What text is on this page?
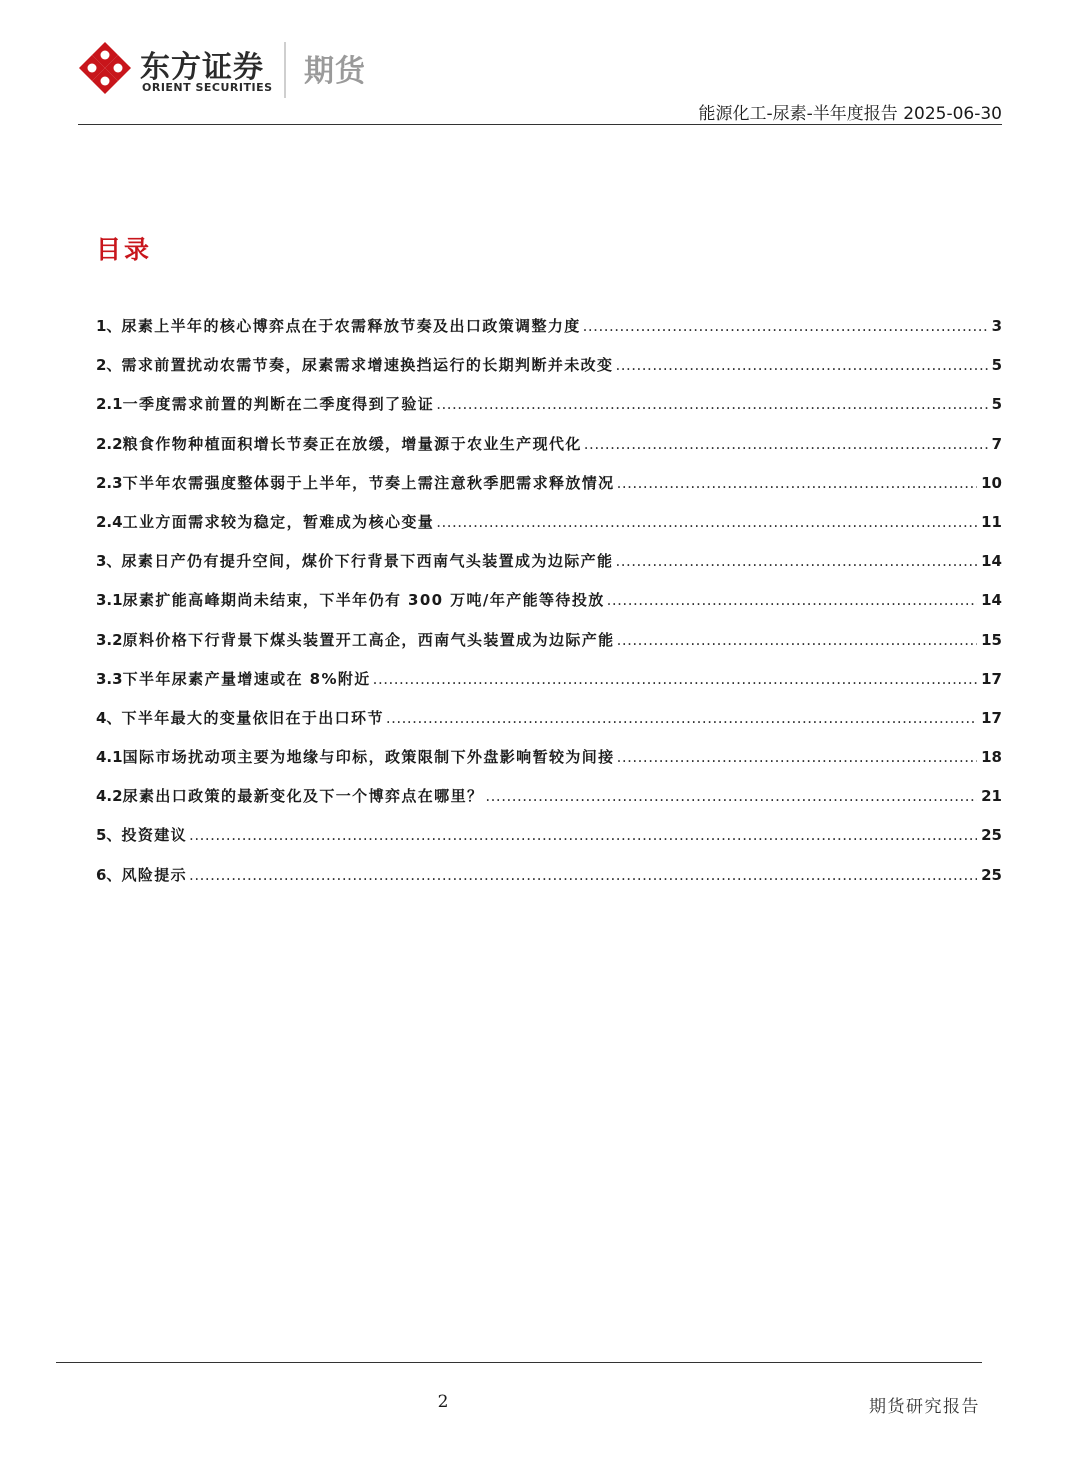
东方证券
ORIENT SECURITIES 期货
能源化工-尿素-半年度报告 2025-06-30
目录
1、 尿素上半年的核心博弈点在于农需释放节奏及出口政策调整力度 .....	3
2、 需求前置扰动农需节奏，尿素需求增速换挡运行的长期判断并未改变 .....	5
2.1 一季度需求前置的判断在二季度得到了验证 .....	5
2.2 粮食作物种植面积增长节奏正在放缓，增量源于农业生产现代化 .....	7
2.3 下半年农需强度整体弱于上半年，节奏上需注意秋季肥需求释放情况 .....	10
2.4 工业方面需求较为稳定，暂难成为核心变量 .....	11
3、 尿素日产仍有提升空间，煤价下行背景下西南气头装置成为边际产能 .....	14
3.1 尿素扩能高峰期尚未结束，下半年仍有 300 万吨/年产能等待投放 .....	14
3.2 原料价格下行背景下煤头装置开工高企，西南气头装置成为边际产能 .....	15
3.3 下半年尿素产量增速或在 8%附近 .....	17
4、 下半年最大的变量依旧在于出口环节 .....	17
4.1 国际市场扰动项主要为地缘与印标，政策限制下外盘影响暂较为间接 .....	18
4.2 尿素出口政策的最新变化及下一个博弈点在哪里？ .....	21
5、 投资建议 .....	25
6、 风险提示 .....	25
2	期货研究报告
